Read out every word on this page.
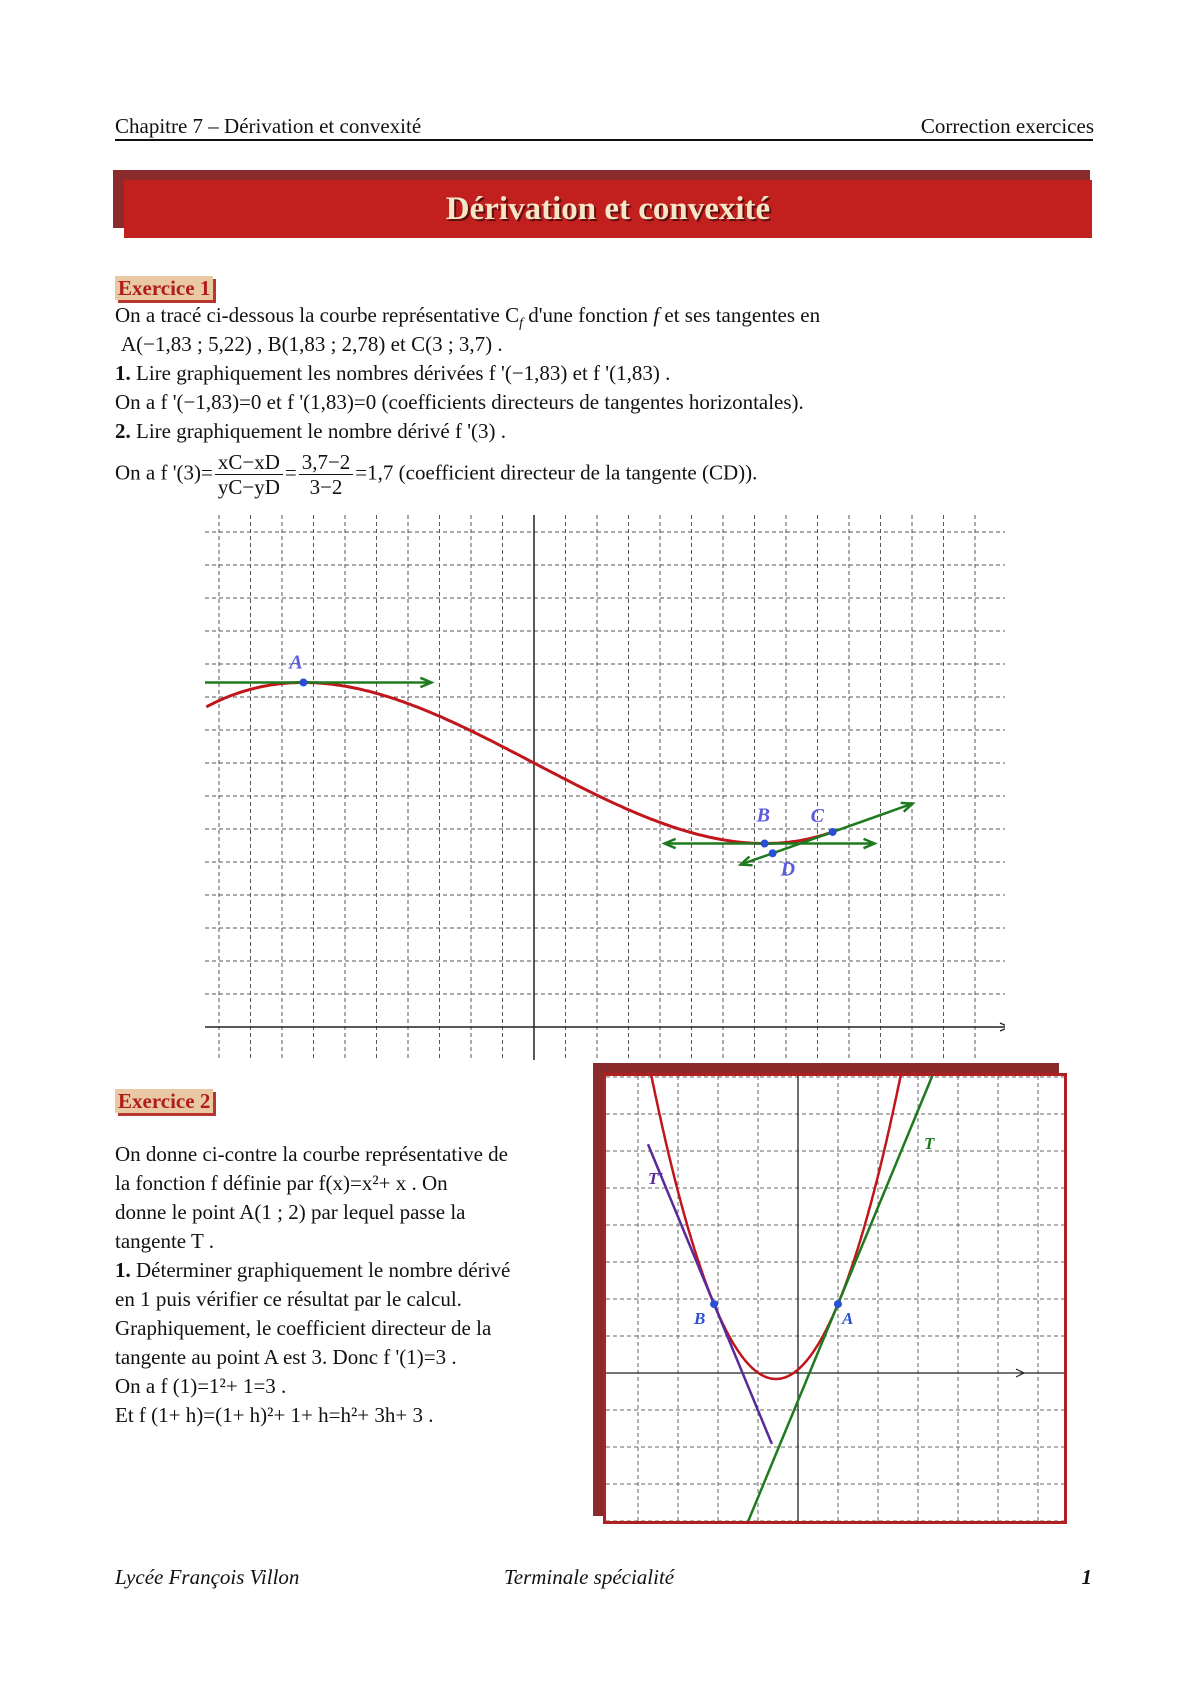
Chapitre 7 – Dérivation et convexité	Correction exercices
Dérivation et convexité
Exercice 1
On a tracé ci-dessous la courbe représentative $C_f$ d'une fonction f et ses tangentes en
A(−1,83 ; 5,22) , B(1,83 ; 2,78) et C(3 ; 3,7) .
1. Lire graphiquement les nombres dérivées f '(−1,83) et f '(1,83) .
On a f '(−1,83)=0 et f '(1,83)=0 (coefficients directeurs de tangentes horizontales).
2. Lire graphiquement le nombre dérivé f '(3) .
On a f '$(3)= \frac{xC-xD}{yC-yD} = \frac{3,7-2}{3-2} =1,7$ (coefficient directeur de la tangente (CD)).
A
B C
D
Exercice 2
On donne ci-contre la courbe représentative de
la fonction f définie par f(x)=x²+ x . On
donne le point A(1 ; 2) par lequel passe la
tangente T .
1. Déterminer graphiquement le nombre dérivé
en 1 puis vérifier ce résultat par le calcul.
Graphiquement, le coefficient directeur de la
tangente au point A est 3. Donc f '(1)=3 .
On a f (1)=1²+ 1=3 .
Et f (1+ h)=(1+ h)²+ 1+ h=h²+ 3h+ 3 .
A
B
T
T'
Lycée François Villon	Terminale spécialité	1
